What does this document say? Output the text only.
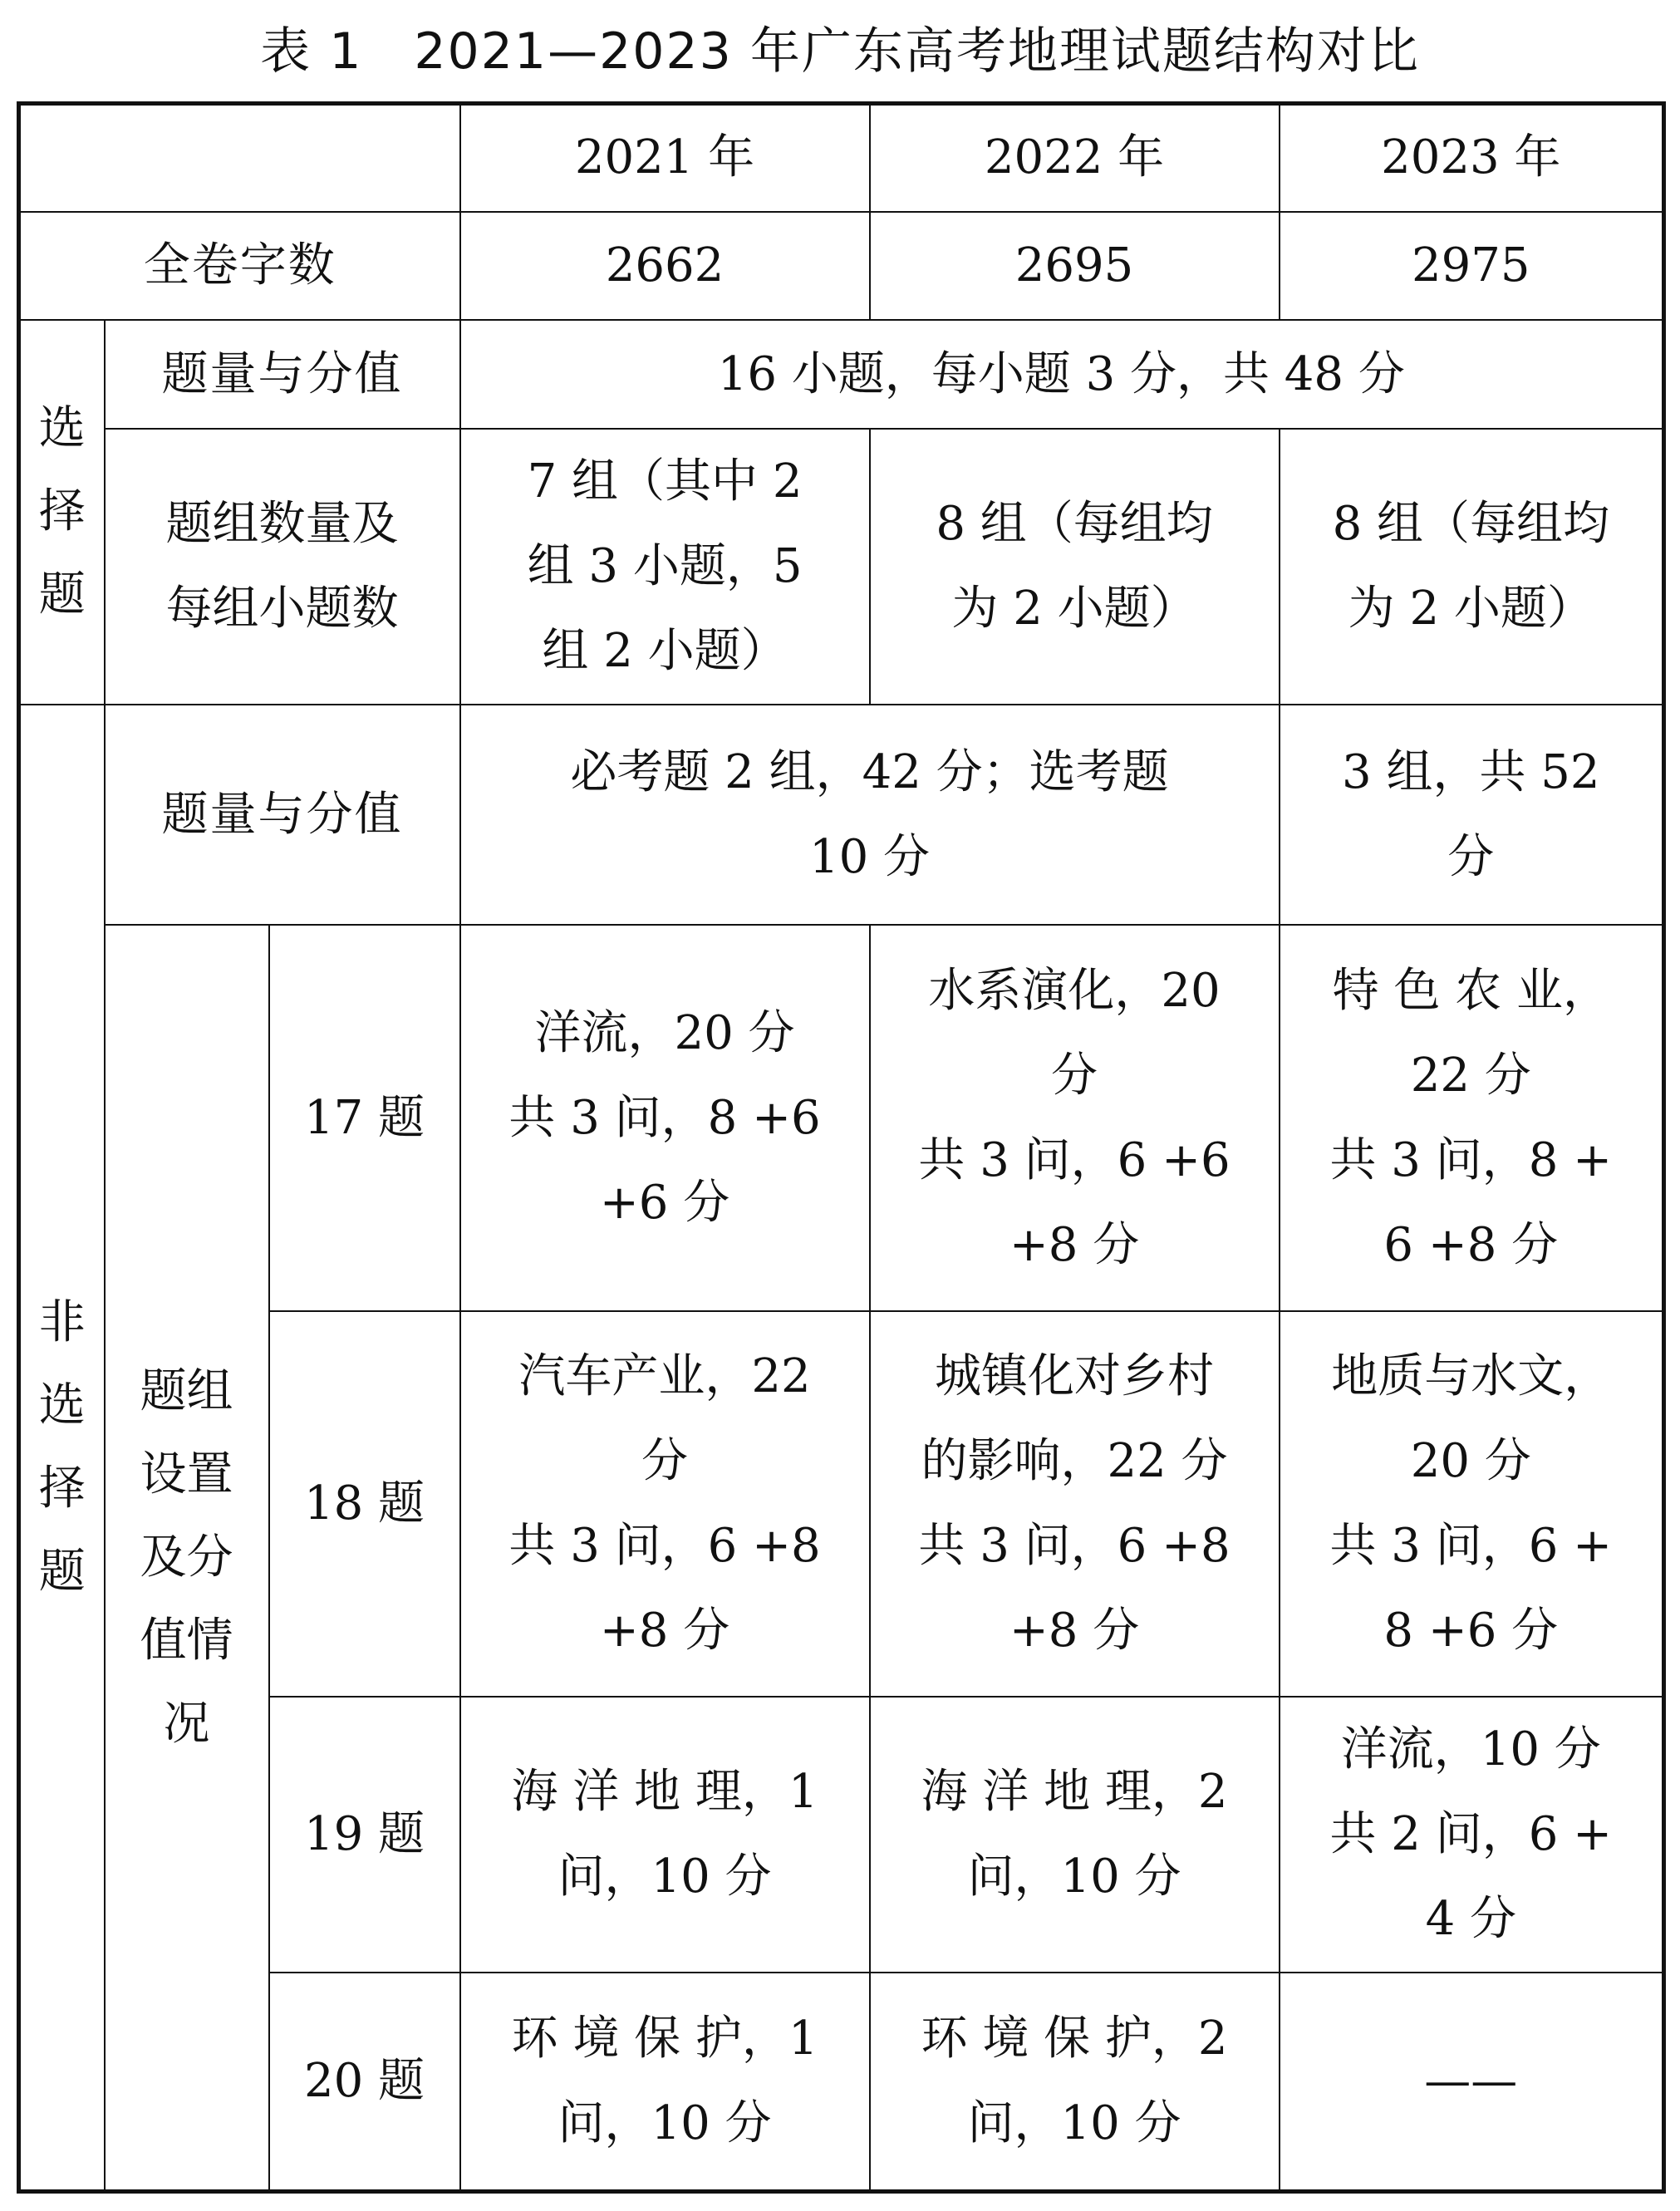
表 1　2021—2023 年广东高考地理试题结构对比
			2021 年	2022 年	2023 年
全卷字数			2662	2695	2975

选
择
题	题量与分值		16 小题，每小题 3 分，共 48 分		

	题组数量及
每组小题数		7 组（其中 2
组 3 小题，5
组 2 小题）	8 组（每组均
为 2 小题）	8 组（每组均
为 2 小题）

非
选
择
题	题量与分值		必考题 2 组，42 分；选考题
10 分		3 组，共 52
分

	题组
设置
及分
值情
况	17 题	洋流，20 分
共 3 问，8 +6
+6 分	水系演化，20
分
共 3 问，6 +6
+8 分	特 色 农 业，
22 分
共 3 问，8 +
6 +8 分

		18 题	汽车产业，22
分
共 3 问，6 +8
+8 分	城镇化对乡村
的影响，22 分
共 3 问，6 +8
+8 分	地质与水文，
20 分
共 3 问，6 +
8 +6 分

		19 题	海 洋 地 理，1
问，10 分	海 洋 地 理，2
问，10 分	洋流，10 分
共 2 问，6 +
4 分

		20 题	环 境 保 护，1
问，10 分	环 境 保 护，2
问，10 分	——
